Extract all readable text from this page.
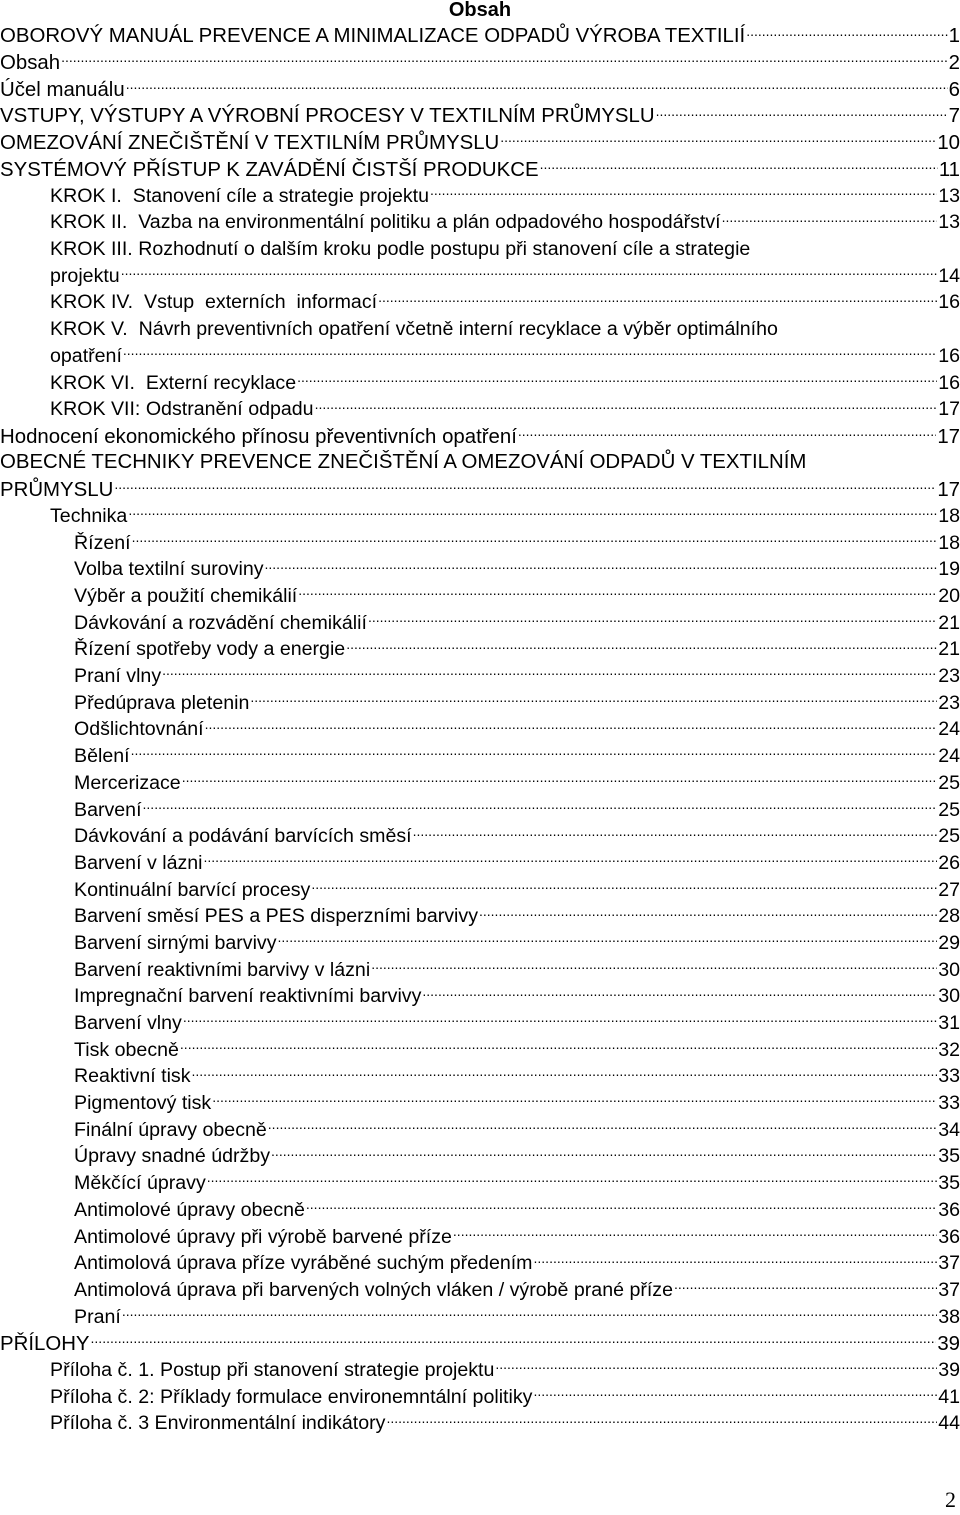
Obsah
OBOROVÝ MANUÁL PREVENCE A MINIMALIZACE ODPADŮ VÝROBA TEXTILIÍ .....	1
Obsah .....	2
Účel manuálu .....	6
VSTUPY, VÝSTUPY A VÝROBNÍ PROCESY V TEXTILNÍM PRŮMYSLU .....	7
OMEZOVÁNÍ ZNEČIŠTĚNÍ V TEXTILNÍM PRŮMYSLU .....	10
SYSTÉMOVÝ PŘÍSTUP K ZAVÁDĚNÍ ČISTŠÍ PRODUKCE .....	11
KROK I.  Stanovení cíle a strategie projektu .....	13
KROK II.  Vazba na environmentální politiku a plán odpadového hospodářství .....	13
KROK III. Rozhodnutí o dalším kroku podle postupu při stanovení cíle a strategie
projektu .....	14
KROK IV.  Vstup  externích  informací .....	16
KROK V.  Návrh preventivních opatření včetně interní recyklace a výběr optimálního
opatření .....	16
KROK VI.  Externí recyklace .....	16
KROK VII: Odstranění odpadu .....	17
Hodnocení ekonomického přínosu převentivních opatření .....	17
OBECNÉ TECHNIKY PREVENCE ZNEČIŠTĚNÍ A OMEZOVÁNÍ ODPADŮ V TEXTILNÍM
PRŮMYSLU .....	17
Technika .....	18
Řízení .....	18
Volba textilní suroviny .....	19
Výběr a použití chemikálií .....	20
Dávkování a rozvádění chemikálií .....	21
Řízení spotřeby vody a energie .....	21
Praní vlny .....	23
Předúprava pletenin .....	23
Odšlichtovnání .....	24
Bělení .....	24
Mercerizace .....	25
Barvení .....	25
Dávkování a podávání barvících směsí .....	25
Barvení v lázni .....	26
Kontinuální barvící procesy .....	27
Barvení směsí PES a PES disperzními barvivy .....	28
Barvení sirnými barvivy .....	29
Barvení reaktivními barvivy v lázni .....	30
Impregnační barvení reaktivními barvivy .....	30
Barvení vlny .....	31
Tisk obecně .....	32
Reaktivní tisk .....	33
Pigmentový tisk .....	33
Finální úpravy obecně .....	34
Úpravy snadné údržby .....	35
Měkčící úpravy .....	35
Antimolové úpravy obecně .....	36
Antimolové úpravy při výrobě barvené příze .....	36
Antimolová úprava příze vyráběné suchým předením .....	37
Antimolová úprava při barvených volných vláken / výrobě prané příze .....	37
Praní .....	38
PŘÍLOHY .....	39
Příloha č. 1. Postup při stanovení strategie projektu .....	39
Příloha č. 2: Příklady formulace environemntální politiky .....	41
Příloha č. 3 Environmentální indikátory .....	44
2
